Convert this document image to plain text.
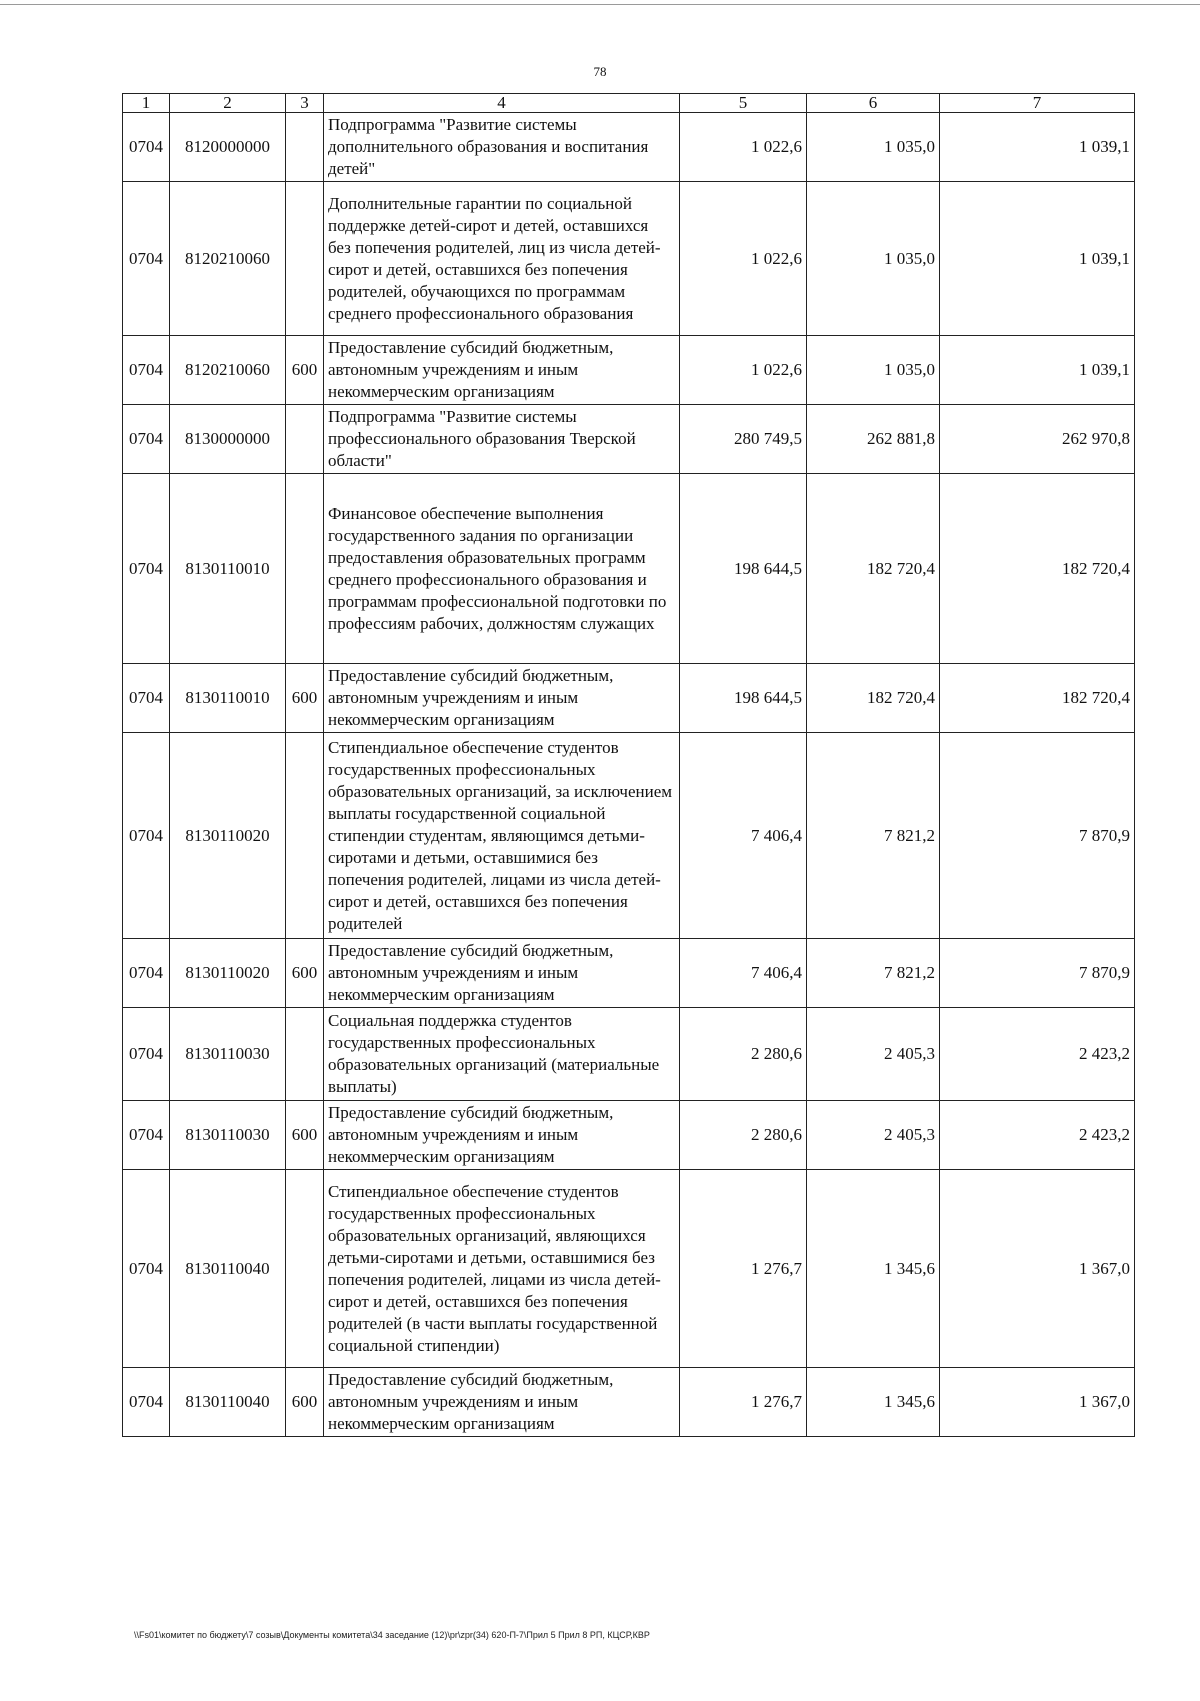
78
1	2	3	4	5	6	7
0704	8120000000		Подпрограмма "Развитие системы дополнительного образования и воспитания детей"	1 022,6	1 035,0	1 039,1
0704	8120210060		Дополнительные гарантии по социальной поддержке детей-сирот и детей, оставшихся без попечения родителей, лиц из числа детей-сирот и детей, оставшихся без попечения родителей, обучающихся по программам среднего профессионального образования	1 022,6	1 035,0	1 039,1
0704	8120210060	600	Предоставление субсидий бюджетным, автономным учреждениям и иным некоммерческим организациям	1 022,6	1 035,0	1 039,1
0704	8130000000		Подпрограмма "Развитие системы профессионального образования Тверской области"	280 749,5	262 881,8	262 970,8
0704	8130110010		Финансовое обеспечение выполнения государственного задания по организации предоставления образовательных программ среднего профессионального образования и программам профессиональной подготовки по профессиям рабочих, должностям служащих	198 644,5	182 720,4	182 720,4
0704	8130110010	600	Предоставление субсидий бюджетным, автономным учреждениям и иным некоммерческим организациям	198 644,5	182 720,4	182 720,4
0704	8130110020		Стипендиальное обеспечение студентов государственных профессиональных образовательных организаций, за исключением выплаты государственной социальной стипендии студентам, являющимся детьми-сиротами и детьми, оставшимися без попечения родителей, лицами из числа детей-сирот и детей, оставшихся без попечения родителей	7 406,4	7 821,2	7 870,9
0704	8130110020	600	Предоставление субсидий бюджетным, автономным учреждениям и иным некоммерческим организациям	7 406,4	7 821,2	7 870,9
0704	8130110030		Социальная поддержка студентов государственных профессиональных образовательных организаций (материальные выплаты)	2 280,6	2 405,3	2 423,2
0704	8130110030	600	Предоставление субсидий бюджетным, автономным учреждениям и иным некоммерческим организациям	2 280,6	2 405,3	2 423,2
0704	8130110040		Стипендиальное обеспечение студентов государственных профессиональных образовательных организаций, являющихся детьми-сиротами и детьми, оставшимися без попечения родителей, лицами из числа детей-сирот и детей, оставшихся без попечения родителей (в части выплаты государственной социальной стипендии)	1 276,7	1 345,6	1 367,0
0704	8130110040	600	Предоставление субсидий бюджетным, автономным учреждениям и иным некоммерческим организациям	1 276,7	1 345,6	1 367,0
\\Fs01\комитет по бюджету\7 созыв\Документы комитета\34 заседание (12)\pr\zpr(34) 620-П-7\Прил 5 Прил 8 РП, КЦСР,КВР
